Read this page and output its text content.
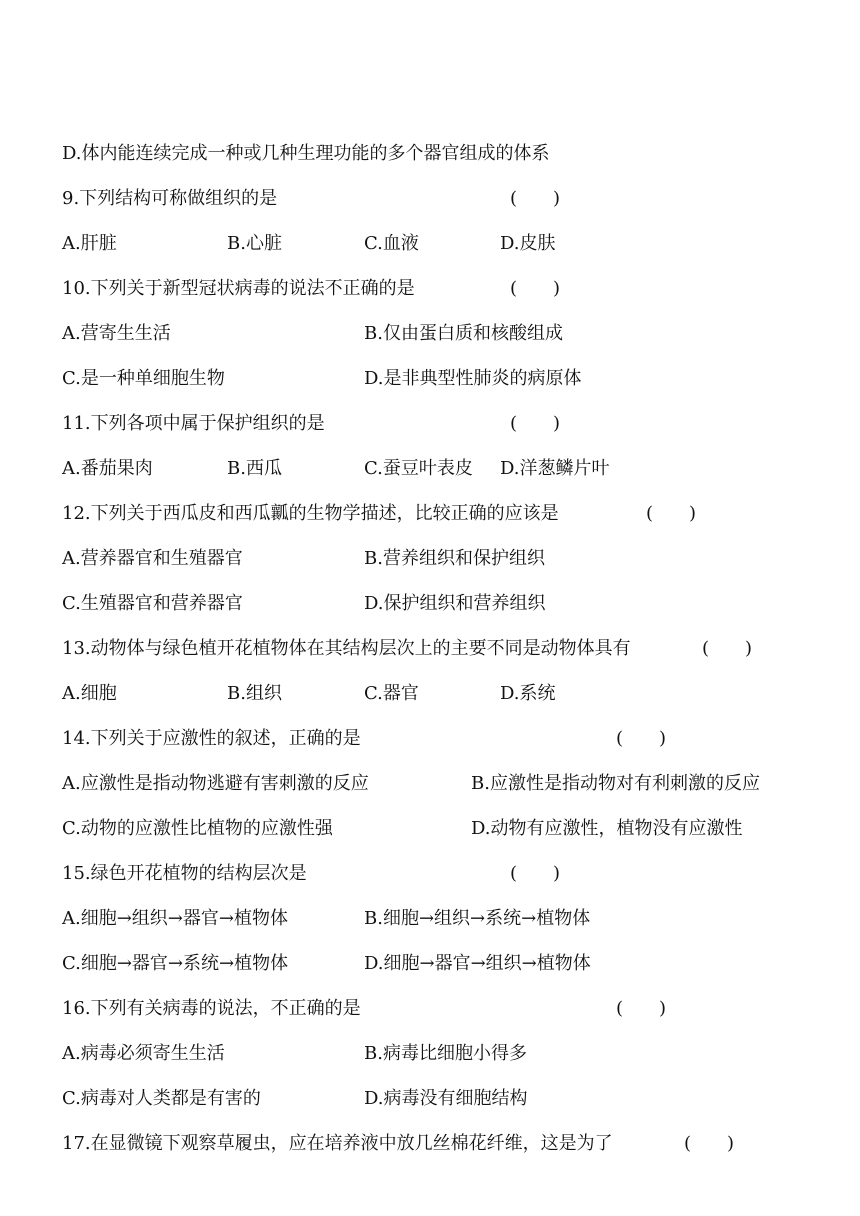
D.体内能连续完成一种或几种生理功能的多个器官组成的体系
9.下列结构可称做组织的是	(　　)
A.肝脏	B.心脏	C.血液	D.皮肤
10.下列关于新型冠状病毒的说法不正确的是	(　　)
A.营寄生生活	B.仅由蛋白质和核酸组成
C.是一种单细胞生物	D.是非典型性肺炎的病原体
11.下列各项中属于保护组织的是	(　　)
A.番茄果肉	B.西瓜	C.蚕豆叶表皮 D.洋葱鳞片叶
12.下列关于西瓜皮和西瓜瓤的生物学描述，比较正确的应该是	(　　)
A.营养器官和生殖器官	B.营养组织和保护组织
C.生殖器官和营养器官	D.保护组织和营养组织
13.动物体与绿色植开花植物体在其结构层次上的主要不同是动物体具有	(　　)
A.细胞	B.组织	C.器官	D.系统
14.下列关于应激性的叙述，正确的是	(　　)
A.应激性是指动物逃避有害刺激的反应	B.应激性是指动物对有利刺激的反应
C.动物的应激性比植物的应激性强	D.动物有应激性，植物没有应激性
15.绿色开花植物的结构层次是	(　　)
A.细胞→组织→器官→植物体	B.细胞→组织→系统→植物体
C.细胞→器官→系统→植物体	D.细胞→器官→组织→植物体
16.下列有关病毒的说法，不正确的是	(　　)
A.病毒必须寄生生活	B.病毒比细胞小得多
C.病毒对人类都是有害的	D.病毒没有细胞结构
17.在显微镜下观察草履虫，应在培养液中放几丝棉花纤维，这是为了	(　　)
